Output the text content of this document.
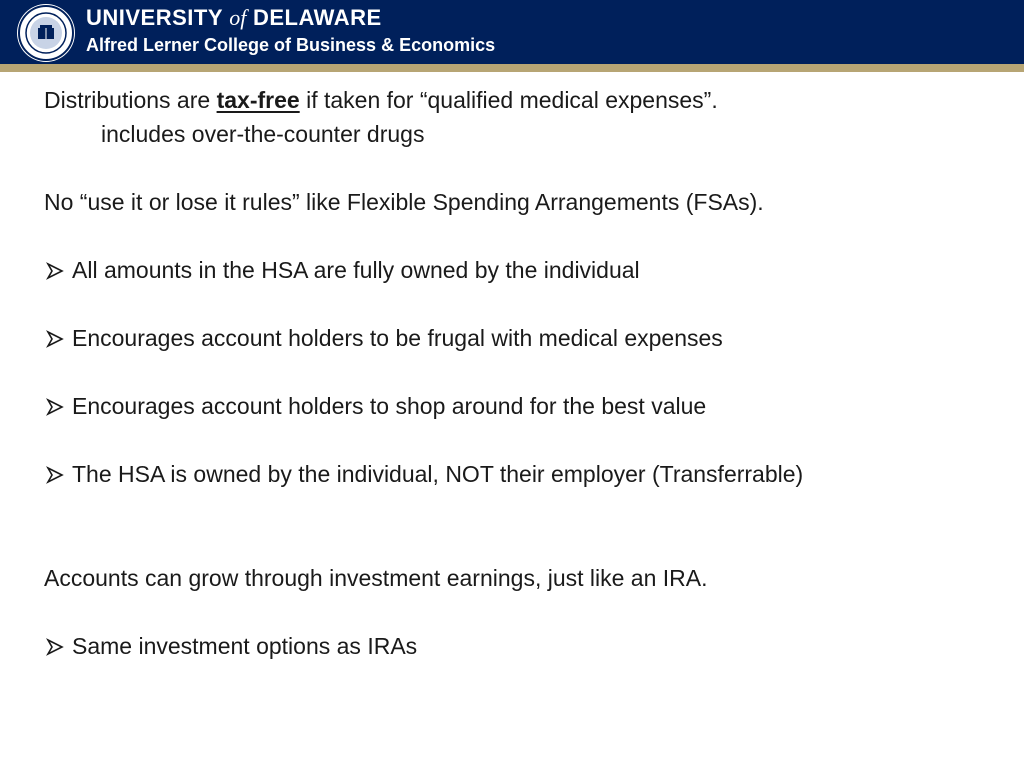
UNIVERSITY of DELAWARE
Alfred Lerner College of Business & Economics
Distributions are tax-free if taken for “qualified medical expenses”.
includes over-the-counter drugs
No “use it or lose it rules” like Flexible Spending Arrangements (FSAs).
All amounts in the HSA are fully owned by the individual
Encourages account holders to be frugal with medical expenses
Encourages account holders to shop around for the best value
The HSA is owned by the individual, NOT their employer (Transferrable)
Accounts can grow through investment earnings, just like an IRA.
Same investment options as IRAs
